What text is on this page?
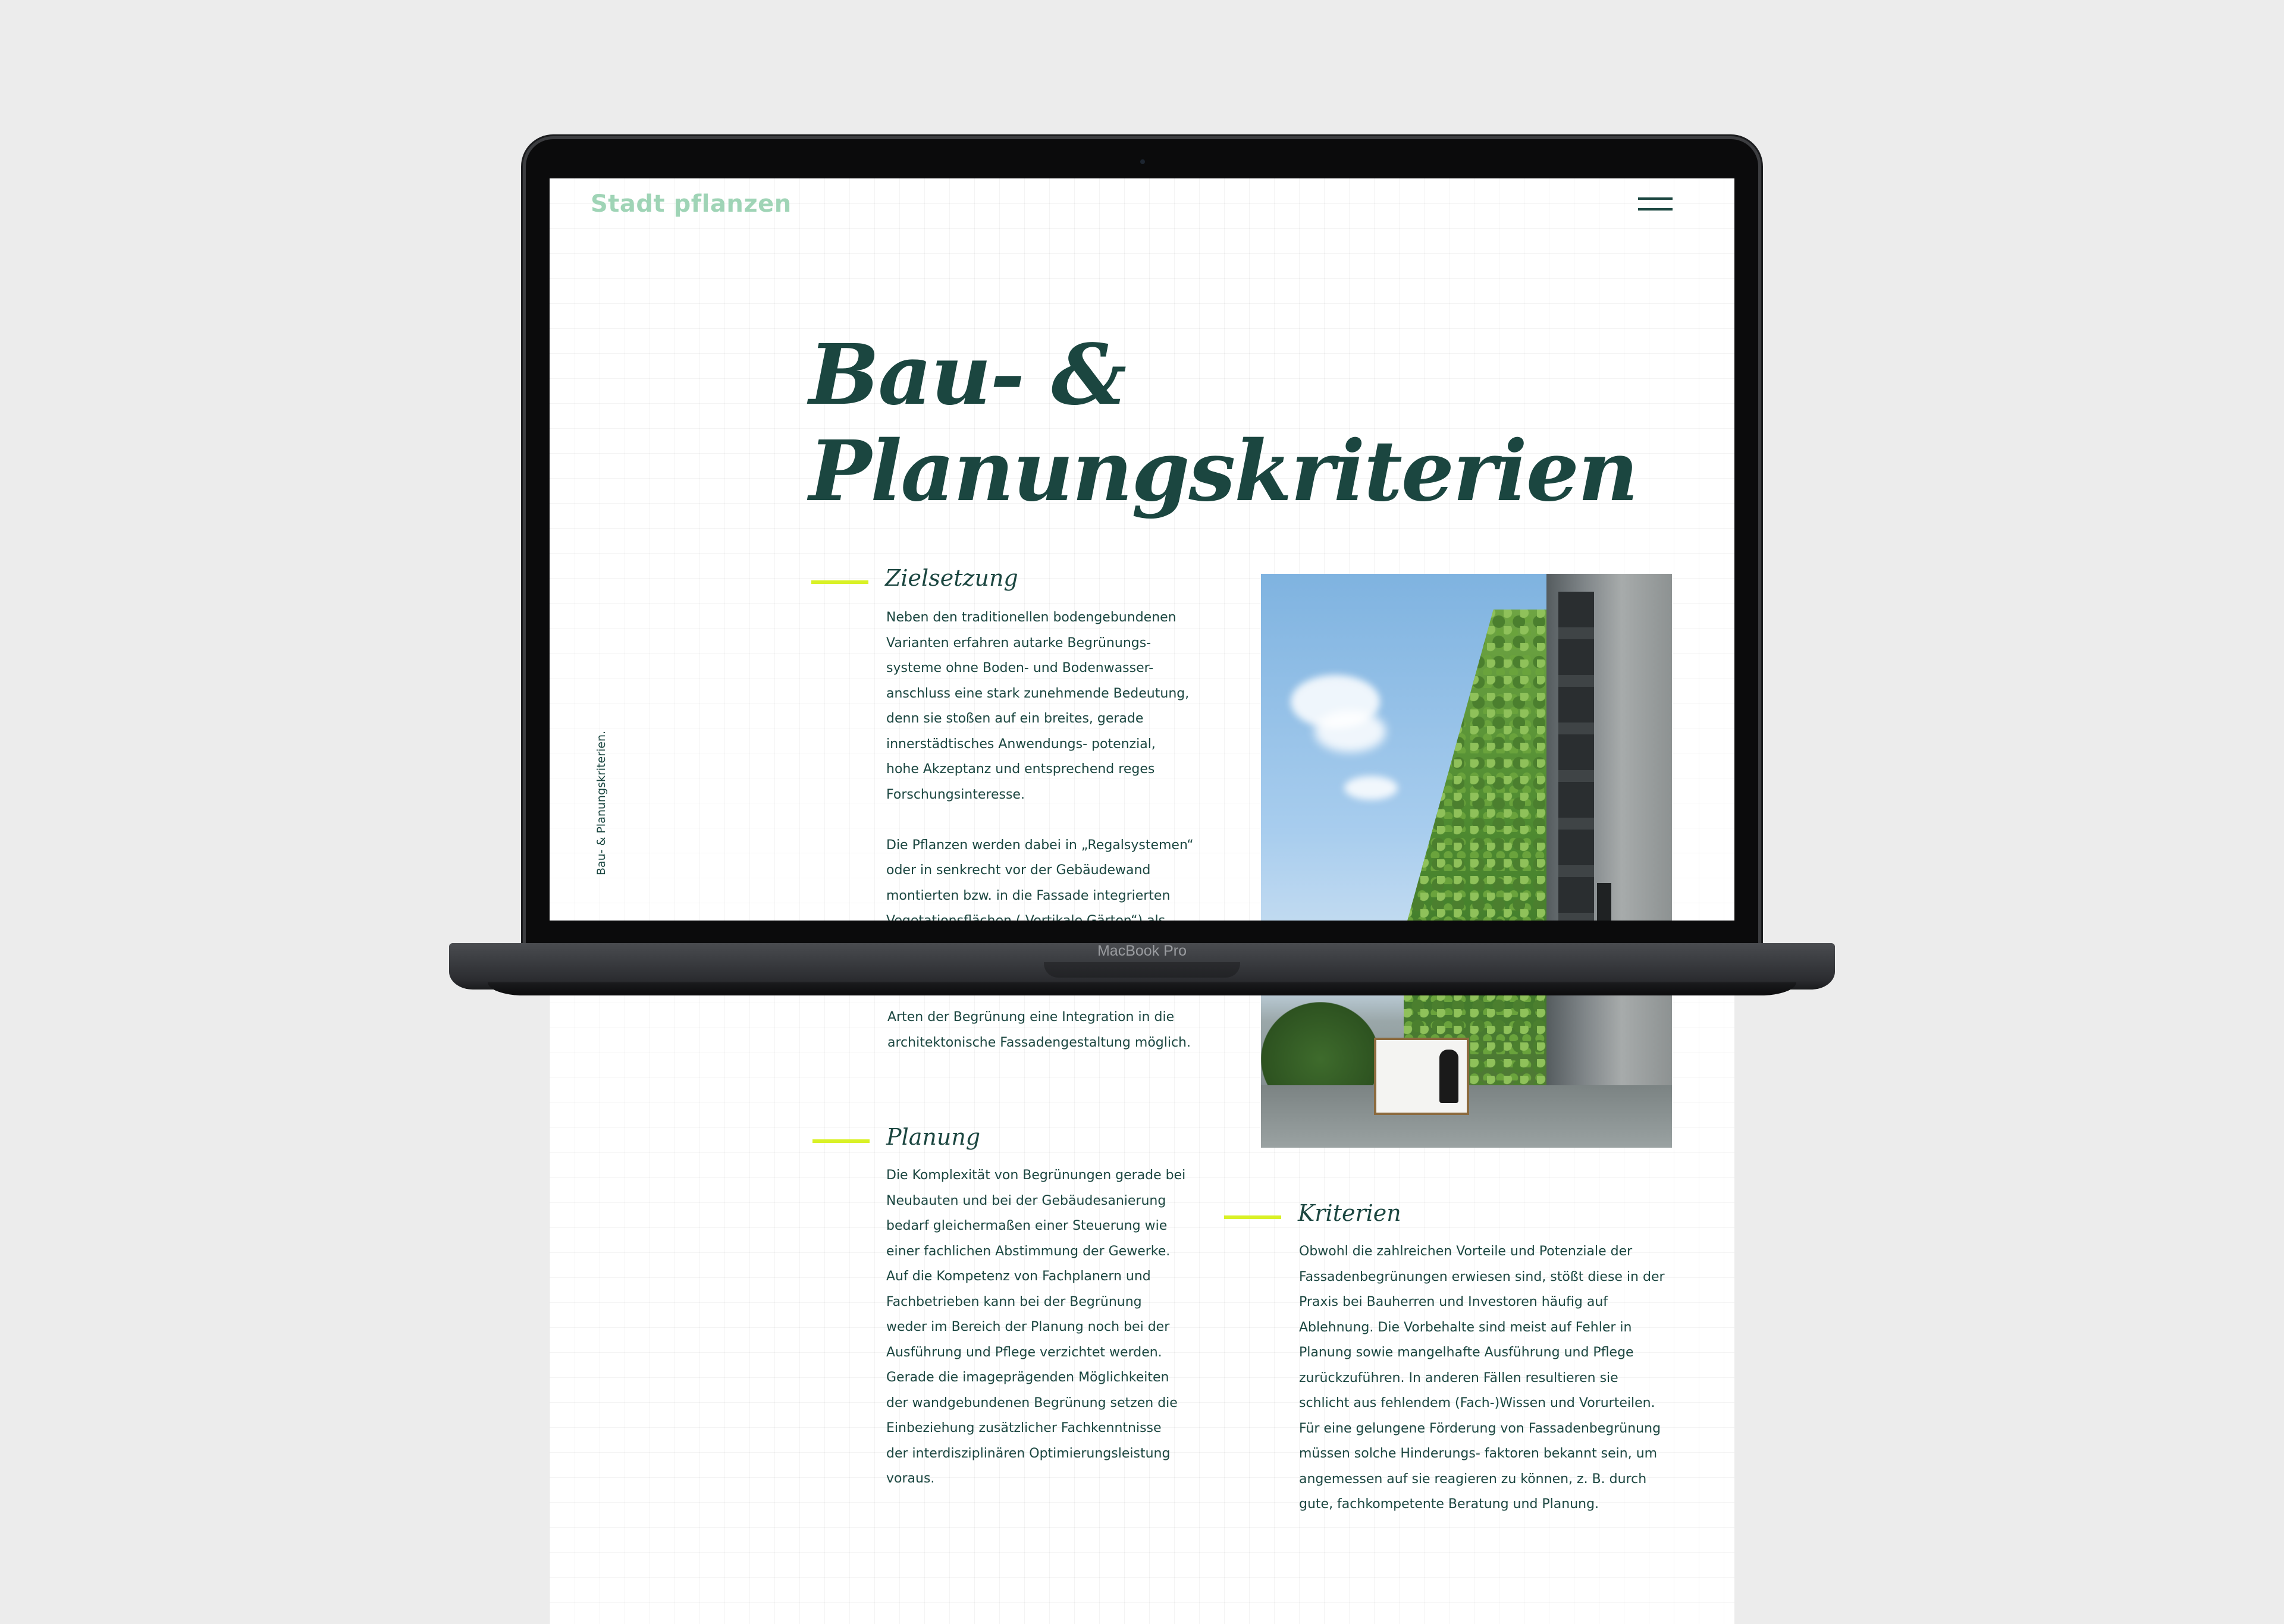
Stadt pflanzen
Bau- & Planungskriterien.
Bau- &
Planungskriterien
Zielsetzung
Neben den traditionellen bodengebundenen
Varianten erfahren autarke Begrünungs-
systeme ohne Boden- und Bodenwasser-
anschluss eine stark zunehmende Bedeutung,
denn sie stoßen auf ein breites, gerade
innerstädtisches Anwendungs- potenzial,
hohe Akzeptanz und entsprechend reges
Forschungsinteresse.
Die Pflanzen werden dabei in „Regalsystemen“
oder in senkrecht vor der Gebäudewand
montierten bzw. in die Fassade integrierten
Arten der Begrünung eine Integration in die
architektonische Fassadengestaltung möglich.
Planung
Die Komplexität von Begrünungen gerade bei
Neubauten und bei der Gebäudesanierung
bedarf gleichermaßen einer Steuerung wie
einer fachlichen Abstimmung der Gewerke.
Auf die Kompetenz von Fachplanern und
Fachbetrieben kann bei der Begrünung
weder im Bereich der Planung noch bei der
Ausführung und Pflege verzichtet werden.
Gerade die imageprägenden Möglichkeiten
der wandgebundenen Begrünung setzen die
Einbeziehung zusätzlicher Fachkenntnisse
der interdisziplinären Optimierungsleistung
voraus.
Kriterien
Obwohl die zahlreichen Vorteile und Potenziale der
Fassadenbegrünungen erwiesen sind, stößt diese in der
Praxis bei Bauherren und Investoren häufig auf
Ablehnung. Die Vorbehalte sind meist auf Fehler in
Planung sowie mangelhafte Ausführung und Pflege
zurückzuführen. In anderen Fällen resultieren sie
schlicht aus fehlendem (Fach-)Wissen und Vorurteilen.
Für eine gelungene Förderung von Fassadenbegrünung
müssen solche Hinderungs- faktoren bekannt sein, um
angemessen auf sie reagieren zu können, z. B. durch
gute, fachkompetente Beratung und Planung.
MacBook Pro
